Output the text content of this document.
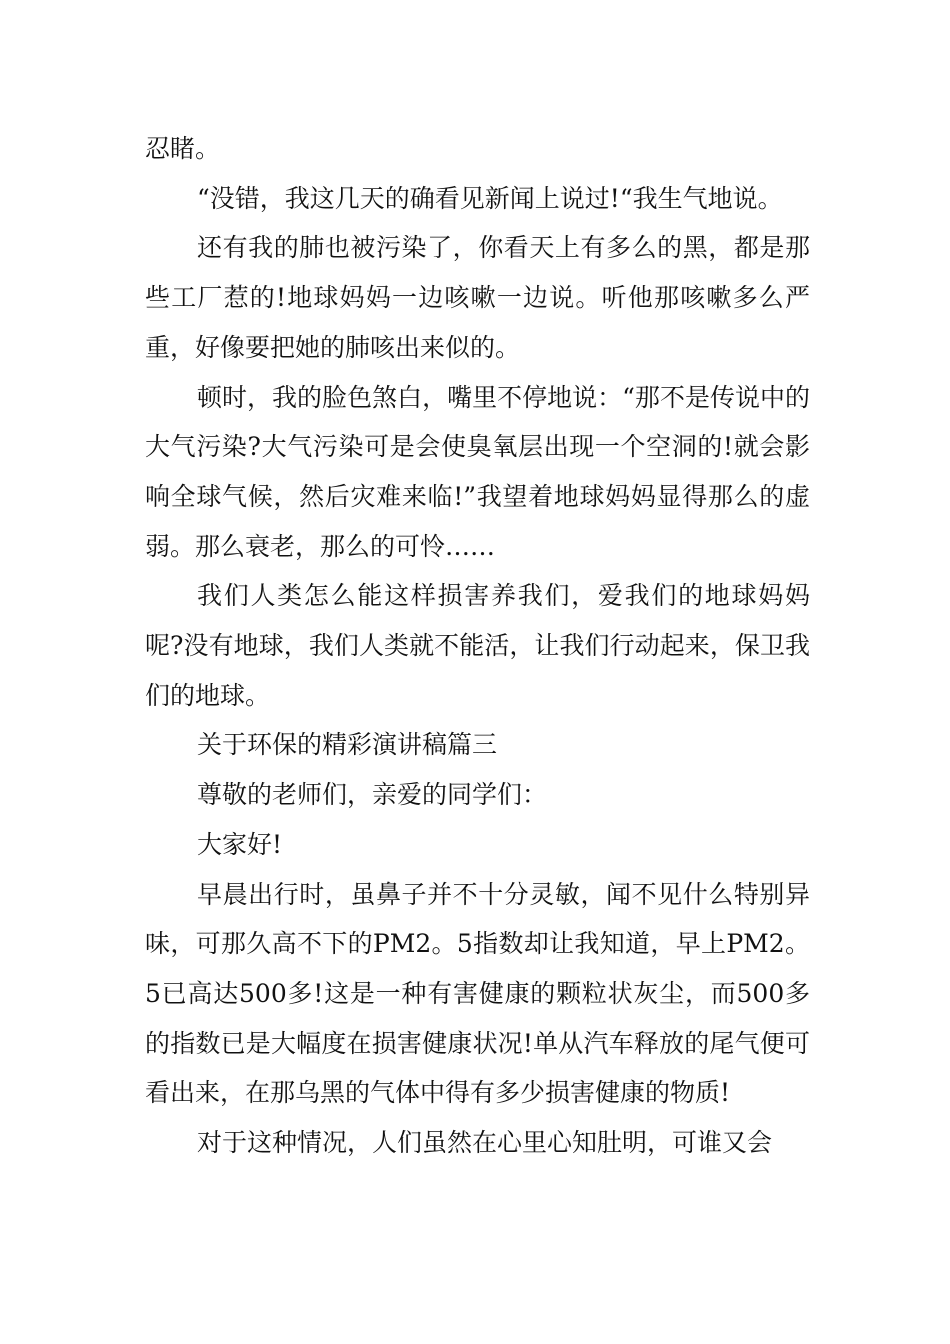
忍睹。

“没错，我这几天的确看见新闻上说过!“我生气地说。

还有我的肺也被污染了，你看天上有多么的黑，都是那些工厂惹的!地球妈妈一边咳嗽一边说。听他那咳嗽多么严重，好像要把她的肺咳出来似的。

顿时，我的脸色煞白，嘴里不停地说：“那不是传说中的大气污染?大气污染可是会使臭氧层出现一个空洞的!就会影响全球气候，然后灾难来临!”我望着地球妈妈显得那么的虚弱。那么衰老，那么的可怜……

我们人类怎么能这样损害养我们，爱我们的地球妈妈呢?没有地球，我们人类就不能活，让我们行动起来，保卫我们的地球。

关于环保的精彩演讲稿篇三

尊敬的老师们，亲爱的同学们：

大家好!

早晨出行时，虽鼻子并不十分灵敏，闻不见什么特别异味，可那久高不下的PM2。5指数却让我知道，早上PM2。5已高达500多!这是一种有害健康的颗粒状灰尘，而500多的指数已是大幅度在损害健康状况!单从汽车释放的尾气便可看出来，在那乌黑的气体中得有多少损害健康的物质!

对于这种情况，人们虽然在心里心知肚明，可谁又会
